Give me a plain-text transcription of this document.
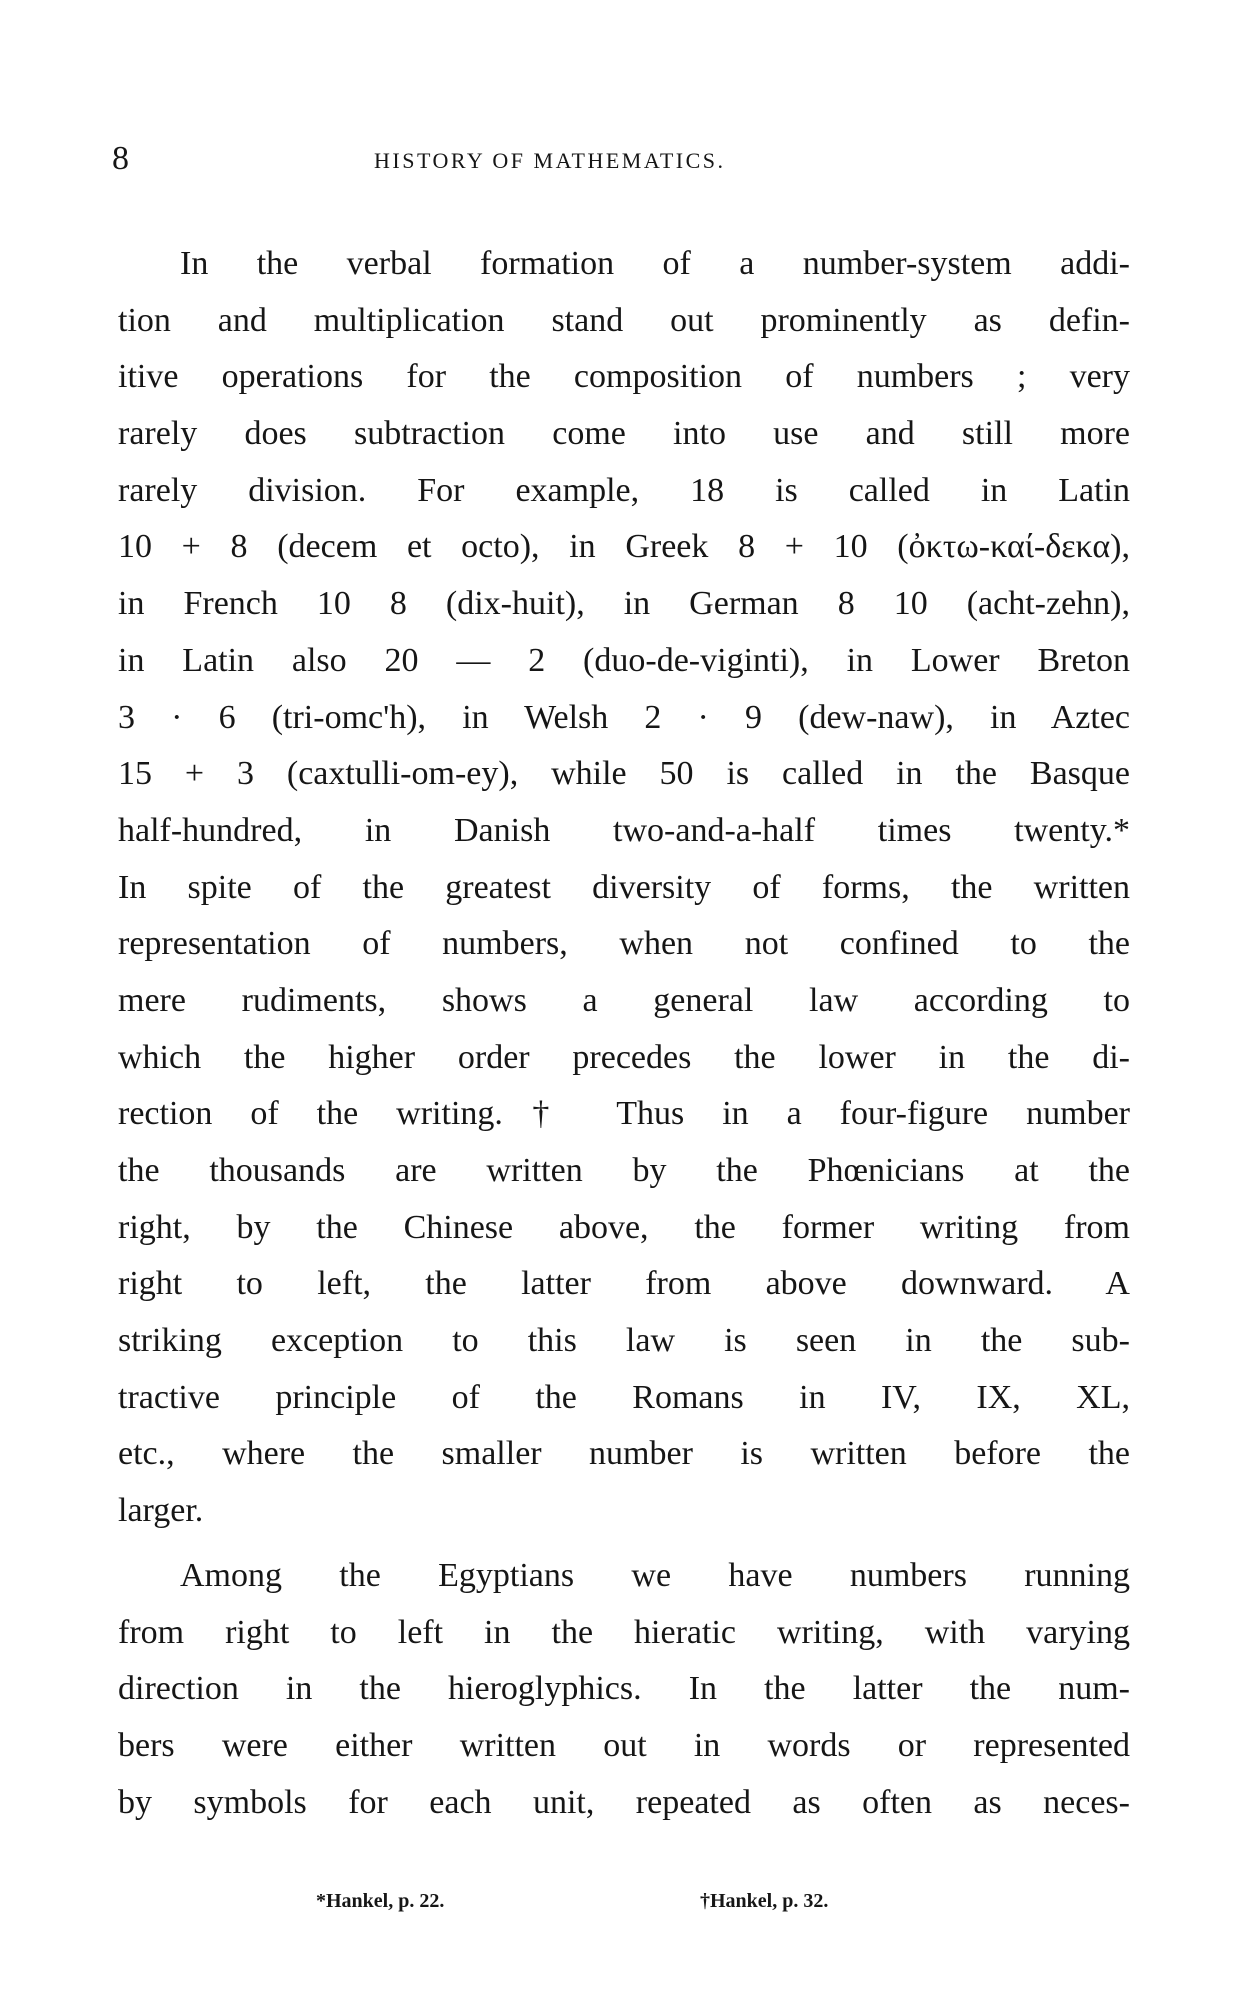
8	HISTORY OF MATHEMATICS.
In the verbal formation of a number-system addi-
tion and multiplication stand out prominently as defin-
itive operations for the composition of numbers ; very
rarely does subtraction come into use and still more
rarely division. For example, 18 is called in Latin
10 + 8 (decem et octo), in Greek 8 + 10 (ὀκτω-καί-δεκα),
in French 10 8 (dix-huit), in German 8 10 (acht-zehn),
in Latin also 20 — 2 (duo-de-viginti), in Lower Breton
3 · 6 (tri-omc'h), in Welsh 2 · 9 (dew-naw), in Aztec
15 + 3 (caxtulli-om-ey), while 50 is called in the Basque
half-hundred, in Danish two-and-a-half times twenty.*
In spite of the greatest diversity of forms, the written
representation of numbers, when not confined to the
mere rudiments, shows a general law according to
which the higher order precedes the lower in the di-
rection of the writing.† Thus in a four-figure number
the thousands are written by the Phœnicians at the
right, by the Chinese above, the former writing from
right to left, the latter from above downward. A
striking exception to this law is seen in the sub-
tractive principle of the Romans in IV, IX, XL,
etc., where the smaller number is written before the
larger.
Among the Egyptians we have numbers running
from right to left in the hieratic writing, with varying
direction in the hieroglyphics. In the latter the num-
bers were either written out in words or represented
by symbols for each unit, repeated as often as neces-
*Hankel, p. 22.	†Hankel, p. 32.
